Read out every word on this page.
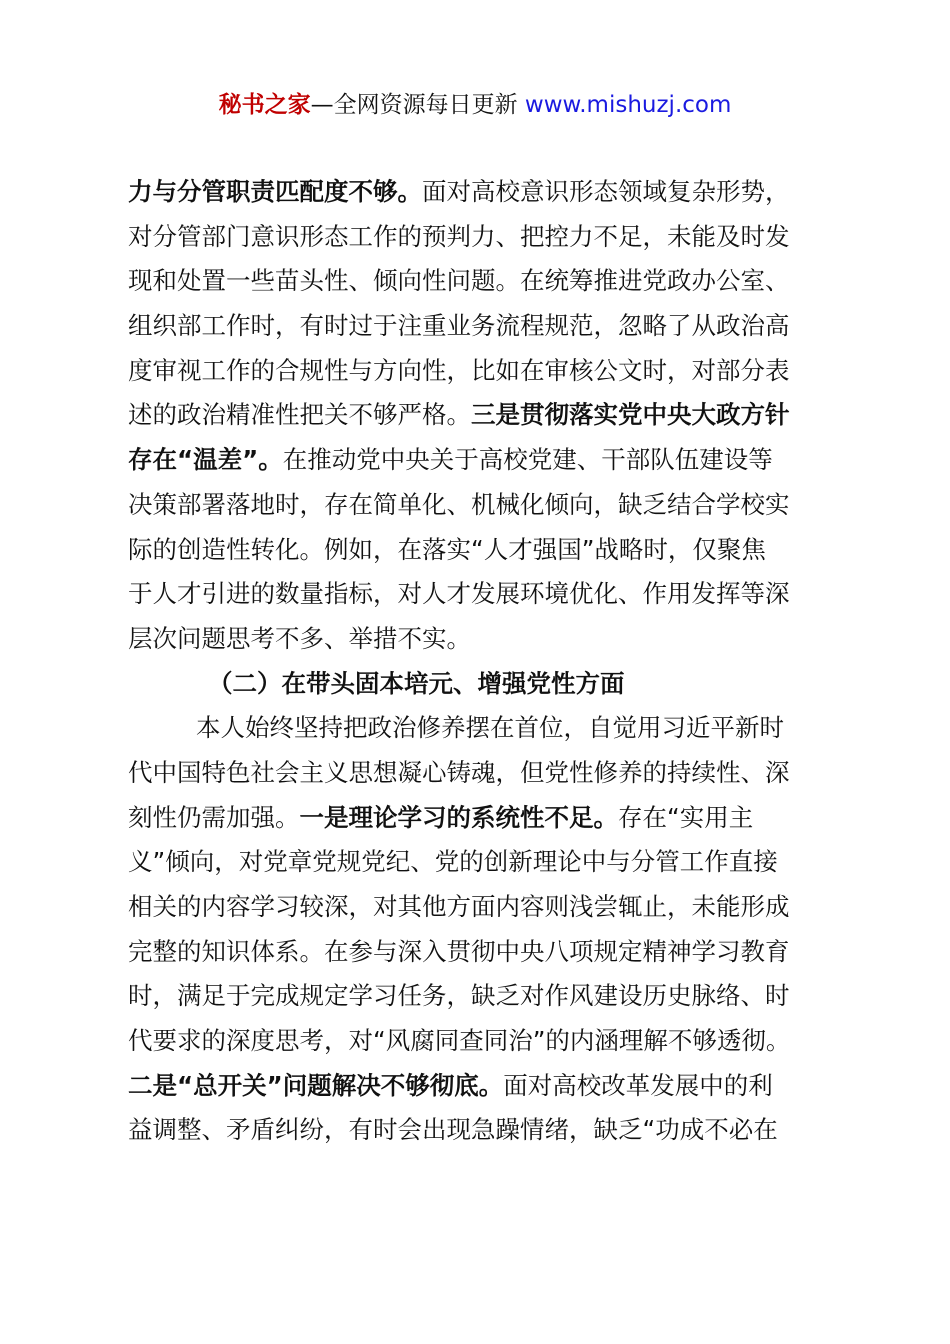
秘书之家—全网资源每日更新 www.mishuzj.com
力与分管职责匹配度不够。面对高校意识形态领域复杂形势，
对分管部门意识形态工作的预判力、把控力不足，未能及时发
现和处置一些苗头性、倾向性问题。在统筹推进党政办公室、
组织部工作时，有时过于注重业务流程规范，忽略了从政治高
度审视工作的合规性与方向性，比如在审核公文时，对部分表
述的政治精准性把关不够严格。三是贯彻落实党中央大政方针
存在“温差”。在推动党中央关于高校党建、干部队伍建设等
决策部署落地时，存在简单化、机械化倾向，缺乏结合学校实
际的创造性转化。例如，在落实“人才强国”战略时，仅聚焦
于人才引进的数量指标，对人才发展环境优化、作用发挥等深
层次问题思考不多、举措不实。
（二）在带头固本培元、增强党性方面
本人始终坚持把政治修养摆在首位，自觉用习近平新时
代中国特色社会主义思想凝心铸魂，但党性修养的持续性、深
刻性仍需加强。一是理论学习的系统性不足。存在“实用主
义”倾向，对党章党规党纪、党的创新理论中与分管工作直接
相关的内容学习较深，对其他方面内容则浅尝辄止，未能形成
完整的知识体系。在参与深入贯彻中央八项规定精神学习教育
时，满足于完成规定学习任务，缺乏对作风建设历史脉络、时
代要求的深度思考，对“风腐同查同治”的内涵理解不够透彻。
二是“总开关”问题解决不够彻底。面对高校改革发展中的利
益调整、矛盾纠纷，有时会出现急躁情绪，缺乏“功成不必在
